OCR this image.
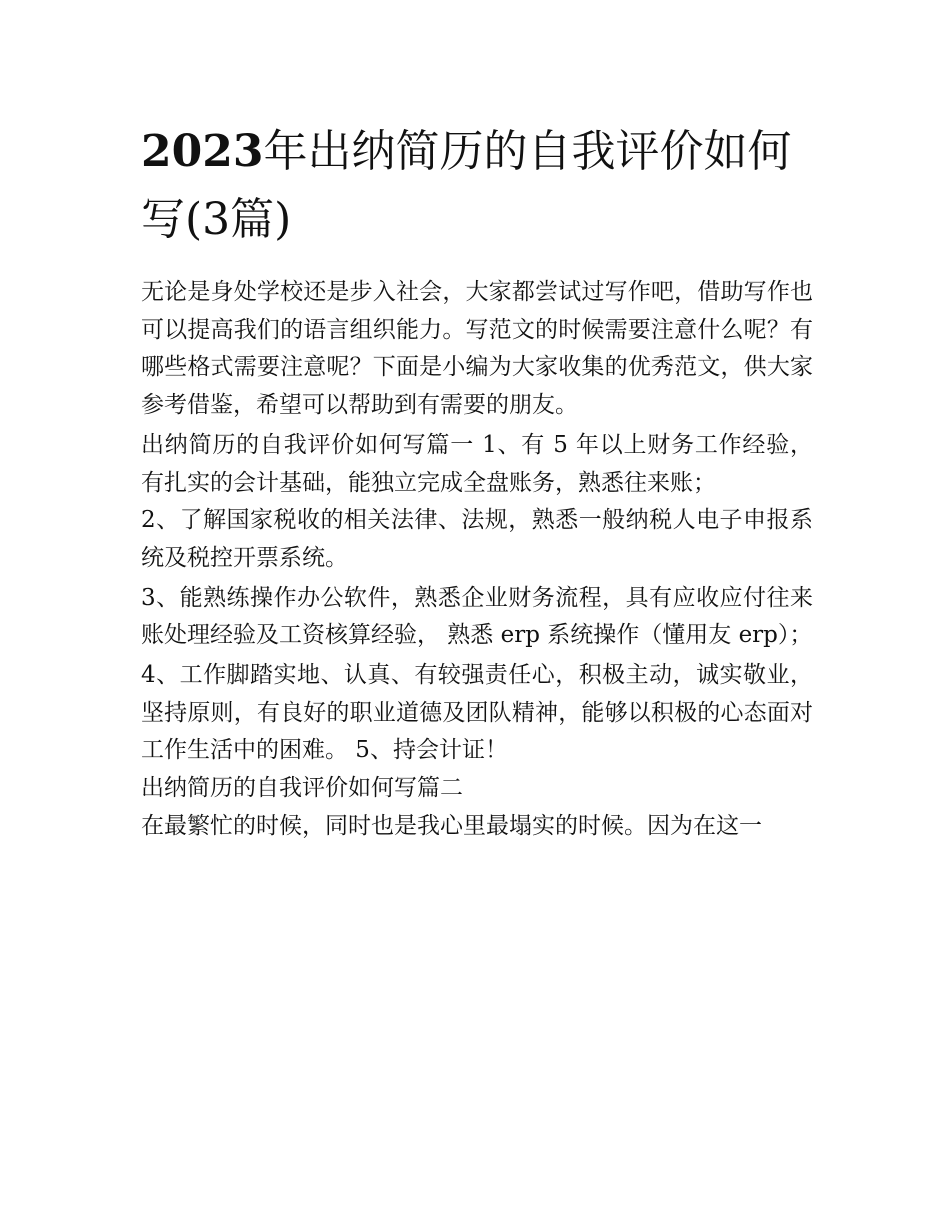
2023年出纳简历的自我评价如何写(3篇)

无论是身处学校还是步入社会，大家都尝试过写作吧，借助写作也可以提高我们的语言组织能力。写范文的时候需要注意什么呢？有哪些格式需要注意呢？下面是小编为大家收集的优秀范文，供大家参考借鉴，希望可以帮助到有需要的朋友。

出纳简历的自我评价如何写篇一 1、有 5 年以上财务工作经验，有扎实的会计基础，能独立完成全盘账务，熟悉往来账；

2、了解国家税收的相关法律、法规，熟悉一般纳税人电子申报系统及税控开票系统。

3、能熟练操作办公软件，熟悉企业财务流程，具有应收应付往来账处理经验及工资核算经验， 熟悉 erp 系统操作（懂用友 erp）；

4、工作脚踏实地、认真、有较强责任心，积极主动，诚实敬业，坚持原则，有良好的职业道德及团队精神，能够以积极的心态面对工作生活中的困难。 5、持会计证！

出纳简历的自我评价如何写篇二

在最繁忙的时候，同时也是我心里最塌实的时候。因为在这一
